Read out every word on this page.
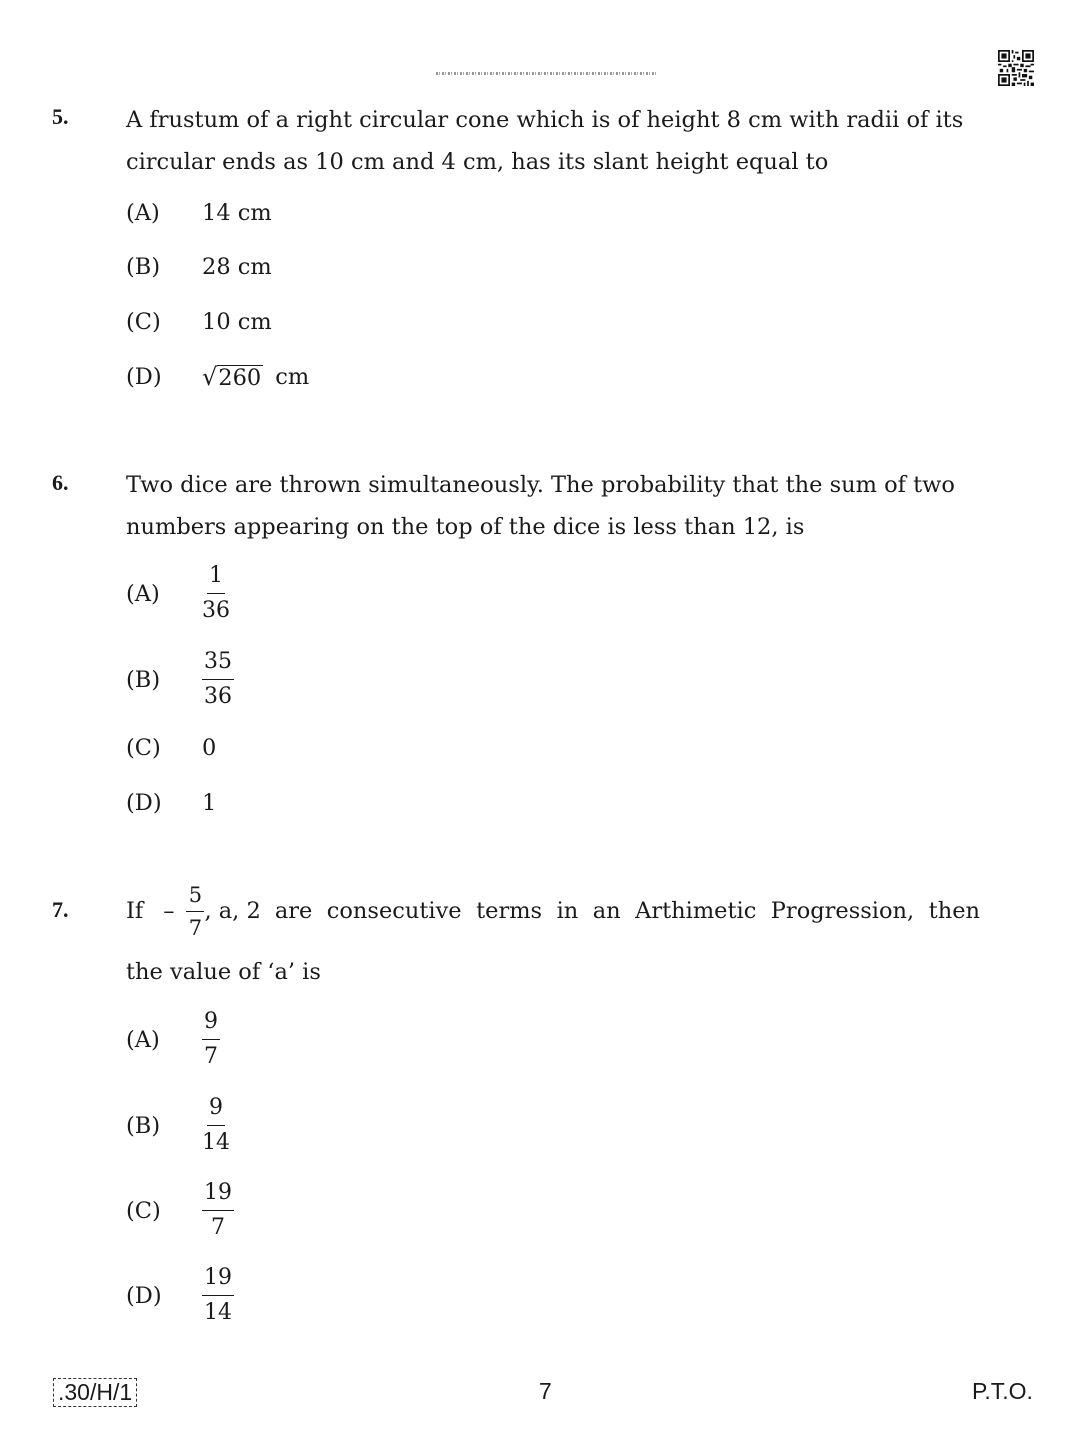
5.	A frustum of a right circular cone which is of height 8 cm with radii of its circular ends as 10 cm and 4 cm, has its slant height equal to
(A)	14 cm
(B)	28 cm
(C)	10 cm
(D)	√ 260 cm
6.	Two dice are thrown simultaneously. The probability that the sum of two numbers appearing on the top of the dice is less than 12, is
(A)	$\frac{1}{36}$
(B)	$\frac{35}{36}$
(C)	0
(D)	1
7.	If – $\frac{5}{7}$ , a, 2 are consecutive terms in an Arthimetic Progression, then
the value of ‘a’ is
(A)	$\frac{9}{7}$
(B)	$\frac{9}{14}$
(C)	$\frac{19}{7}$
(D)	$\frac{19}{14}$
.30/H/1	7	P.T.O.
